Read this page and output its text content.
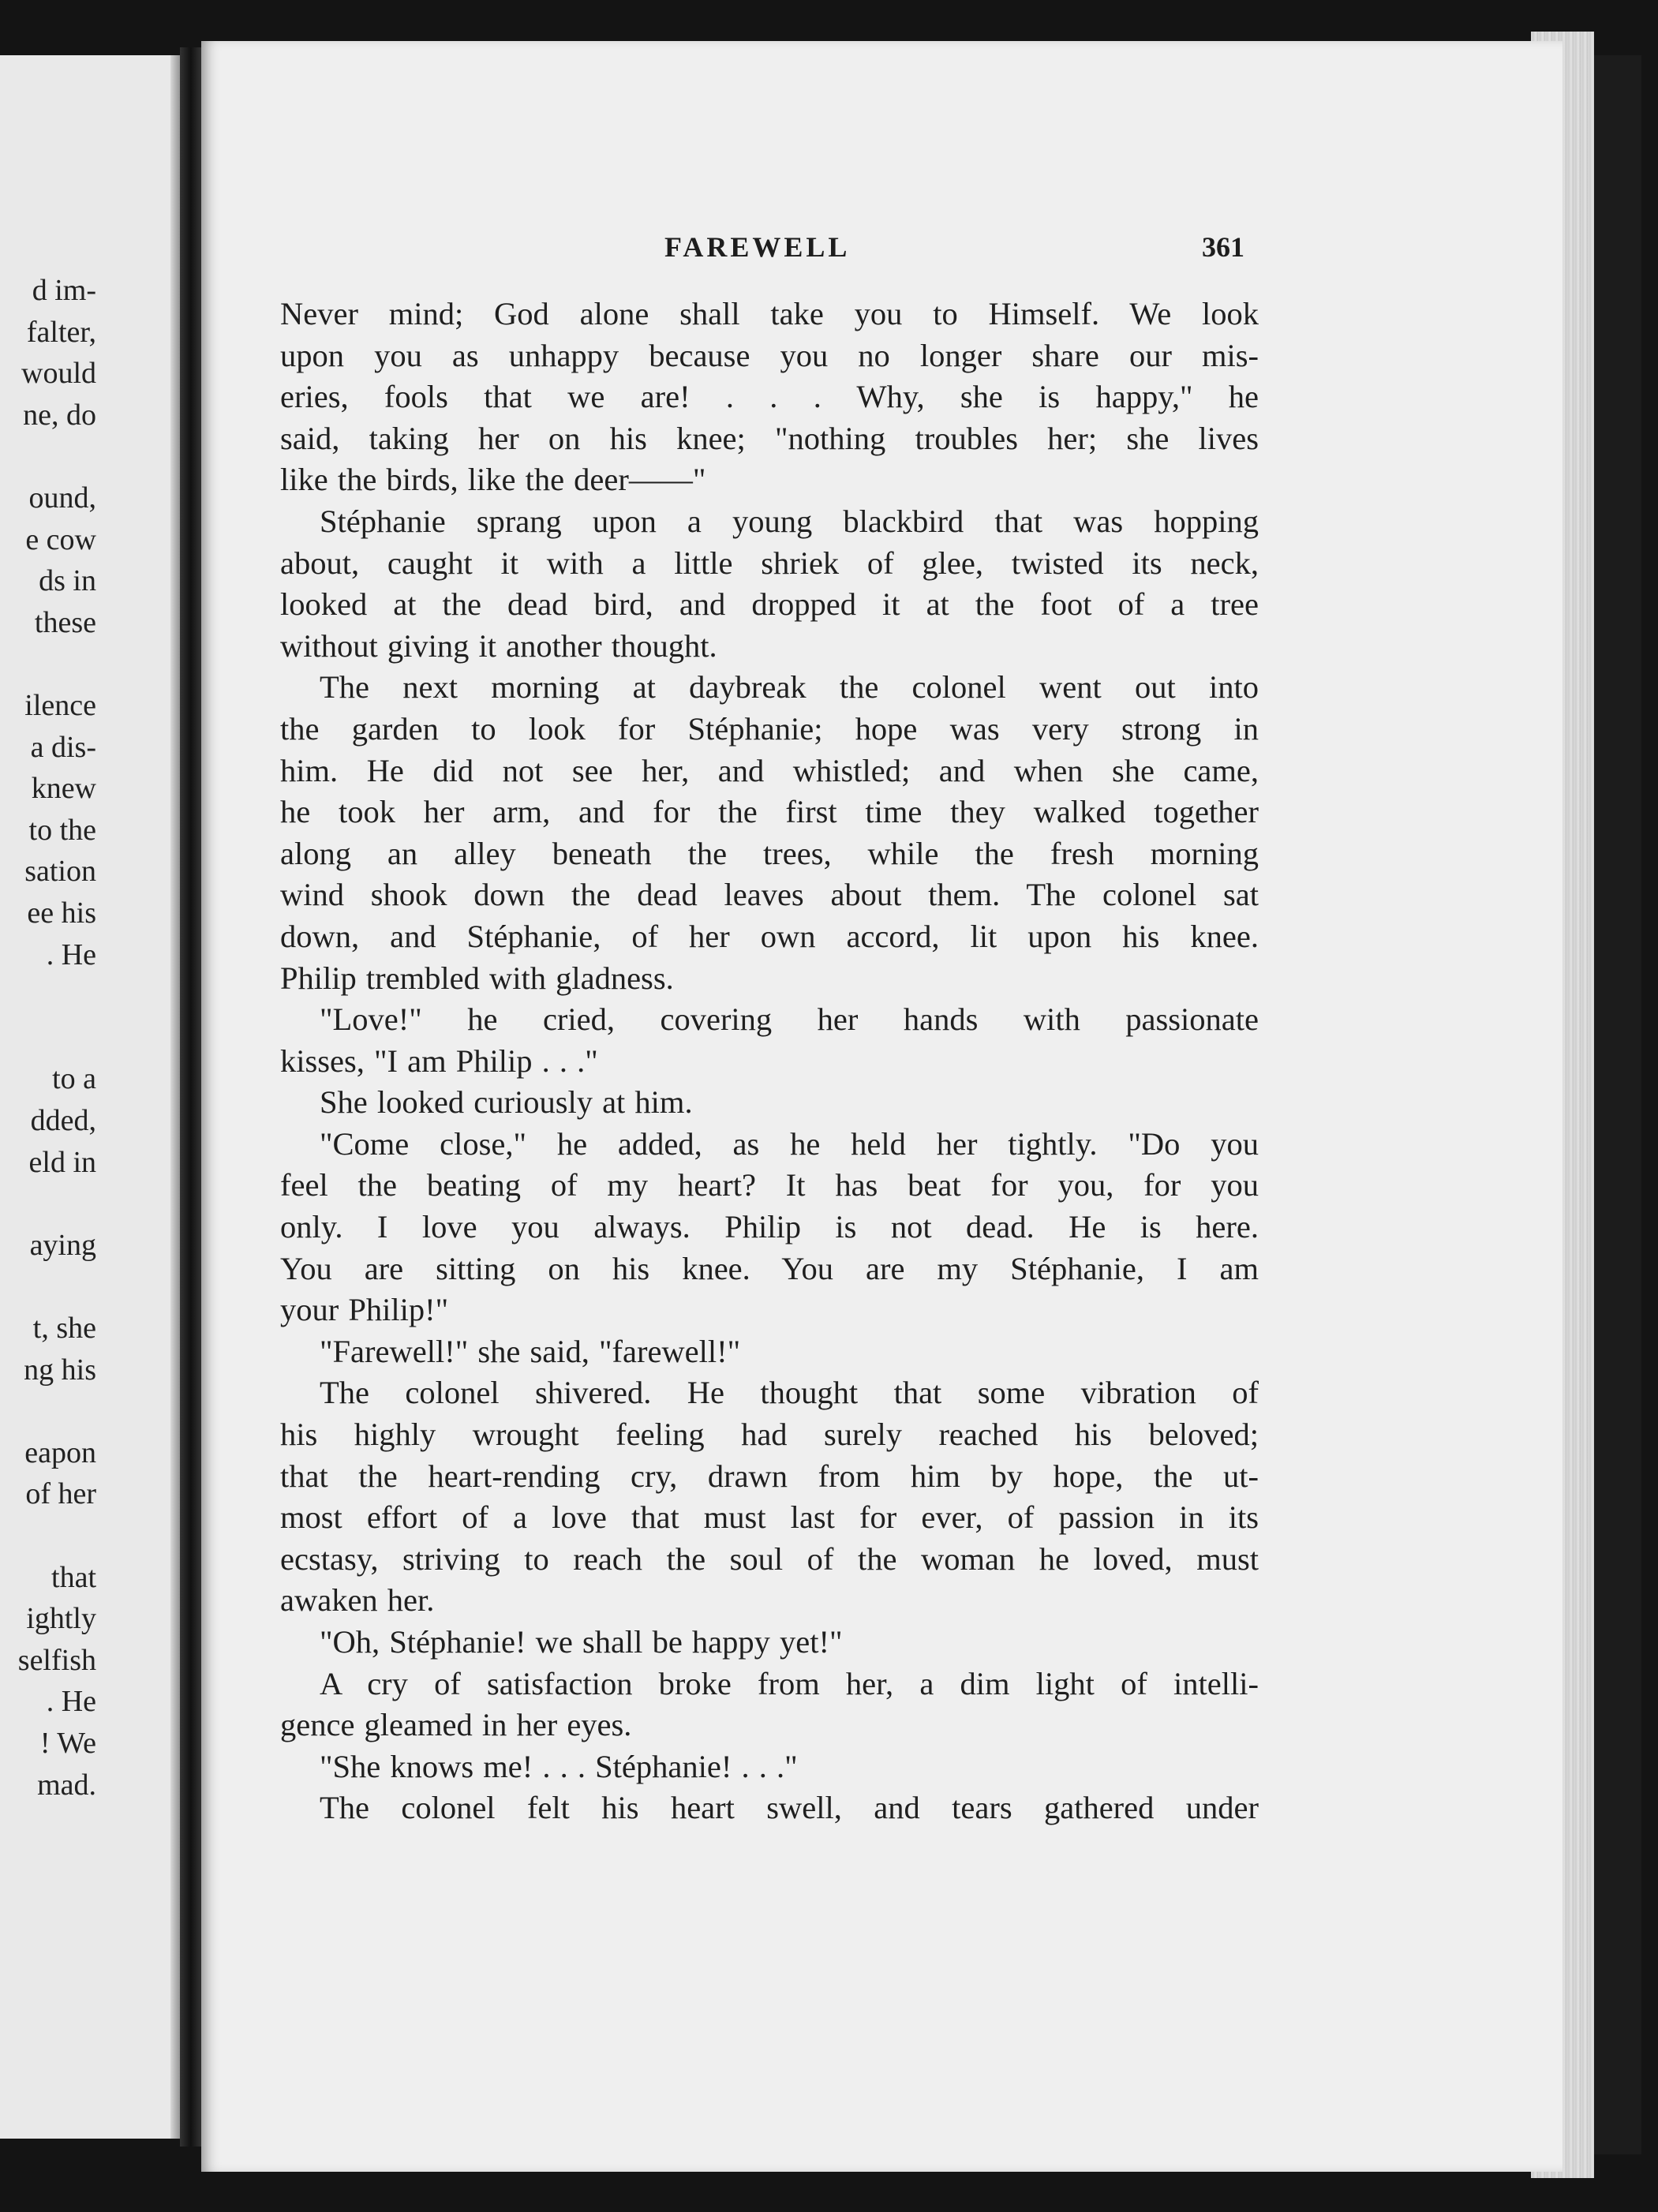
d im-
falter,
would
ne, do
ound,
e cow
ds in
these
ilence
a dis-
knew
to the
sation
ee his
. He
to a
dded,
eld in
aying
t, she
ng his
eapon
of her
that
ightly
selfish
. He
! We
mad.
FAREWELL	361
Never mind; God alone shall take you to Himself. We look
upon you as unhappy because you no longer share our mis-
eries, fools that we are! . . . Why, she is happy," he
said, taking her on his knee; "nothing troubles her; she lives
like the birds, like the deer——"
Stéphanie sprang upon a young blackbird that was hopping
about, caught it with a little shriek of glee, twisted its neck,
looked at the dead bird, and dropped it at the foot of a tree
without giving it another thought.
The next morning at daybreak the colonel went out into
the garden to look for Stéphanie; hope was very strong in
him. He did not see her, and whistled; and when she came,
he took her arm, and for the first time they walked together
along an alley beneath the trees, while the fresh morning
wind shook down the dead leaves about them. The colonel sat
down, and Stéphanie, of her own accord, lit upon his knee.
Philip trembled with gladness.
"Love!" he cried, covering her hands with passionate
kisses, "I am Philip . . ."
She looked curiously at him.
"Come close," he added, as he held her tightly. "Do you
feel the beating of my heart? It has beat for you, for you
only. I love you always. Philip is not dead. He is here.
You are sitting on his knee. You are my Stéphanie, I am
your Philip!"
"Farewell!" she said, "farewell!"
The colonel shivered. He thought that some vibration of
his highly wrought feeling had surely reached his beloved;
that the heart-rending cry, drawn from him by hope, the ut-
most effort of a love that must last for ever, of passion in its
ecstasy, striving to reach the soul of the woman he loved, must
awaken her.
"Oh, Stéphanie! we shall be happy yet!"
A cry of satisfaction broke from her, a dim light of intelli-
gence gleamed in her eyes.
"She knows me! . . . Stéphanie! . . ."
The colonel felt his heart swell, and tears gathered under
